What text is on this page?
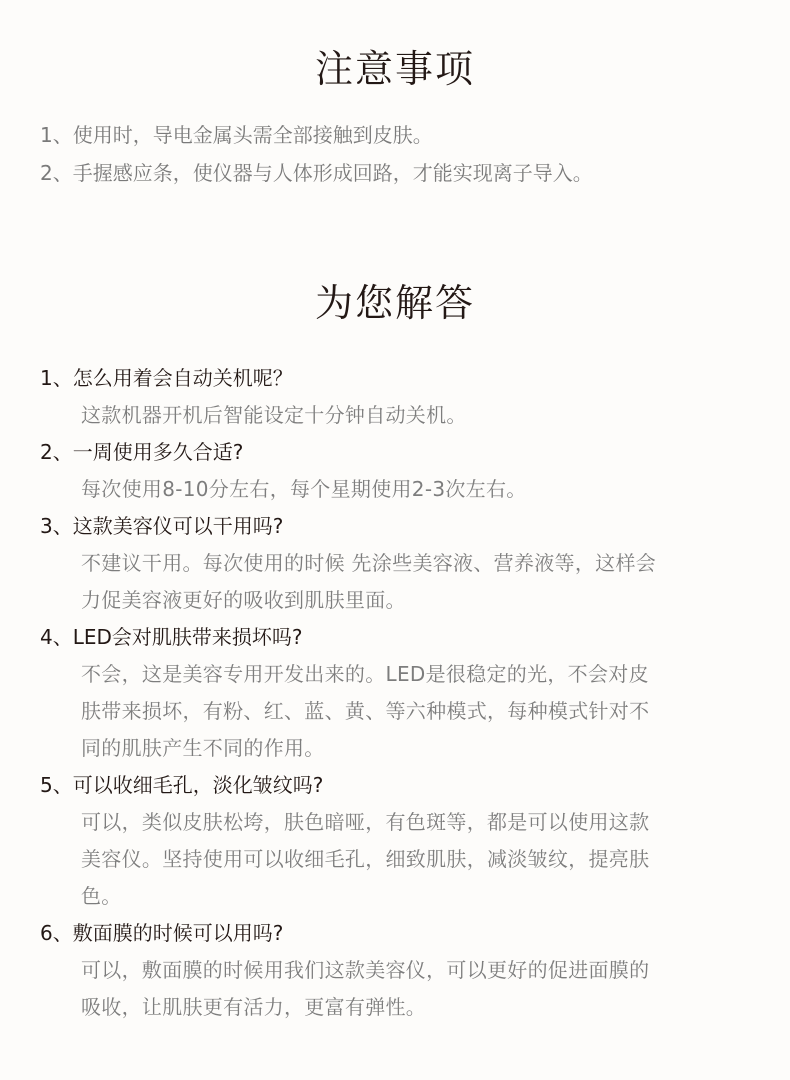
注意事项
1、使用时，导电金属头需全部接触到皮肤。
2、手握感应条，使仪器与人体形成回路，才能实现离子导入。
为您解答
1、怎么用着会自动关机呢？
这款机器开机后智能设定十分钟自动关机。
2、一周使用多久合适?
每次使用8-10分左右，每个星期使用2-3次左右。
3、这款美容仪可以干用吗?
不建议干用。每次使用的时候 先涂些美容液、营养液等，这样会
力促美容液更好的吸收到肌肤里面。
4、LED会对肌肤带来损坏吗?
不会，这是美容专用开发出来的。LED是很稳定的光，不会对皮
肤带来损坏，有粉、红、蓝、黄、等六种模式，每种模式针对不
同的肌肤产生不同的作用。
5、可以收细毛孔，淡化皱纹吗?
可以，类似皮肤松垮，肤色暗哑，有色斑等，都是可以使用这款
美容仪。坚持使用可以收细毛孔，细致肌肤，减淡皱纹，提亮肤
色。
6、敷面膜的时候可以用吗?
可以，敷面膜的时候用我们这款美容仪，可以更好的促进面膜的
吸收，让肌肤更有活力，更富有弹性。
